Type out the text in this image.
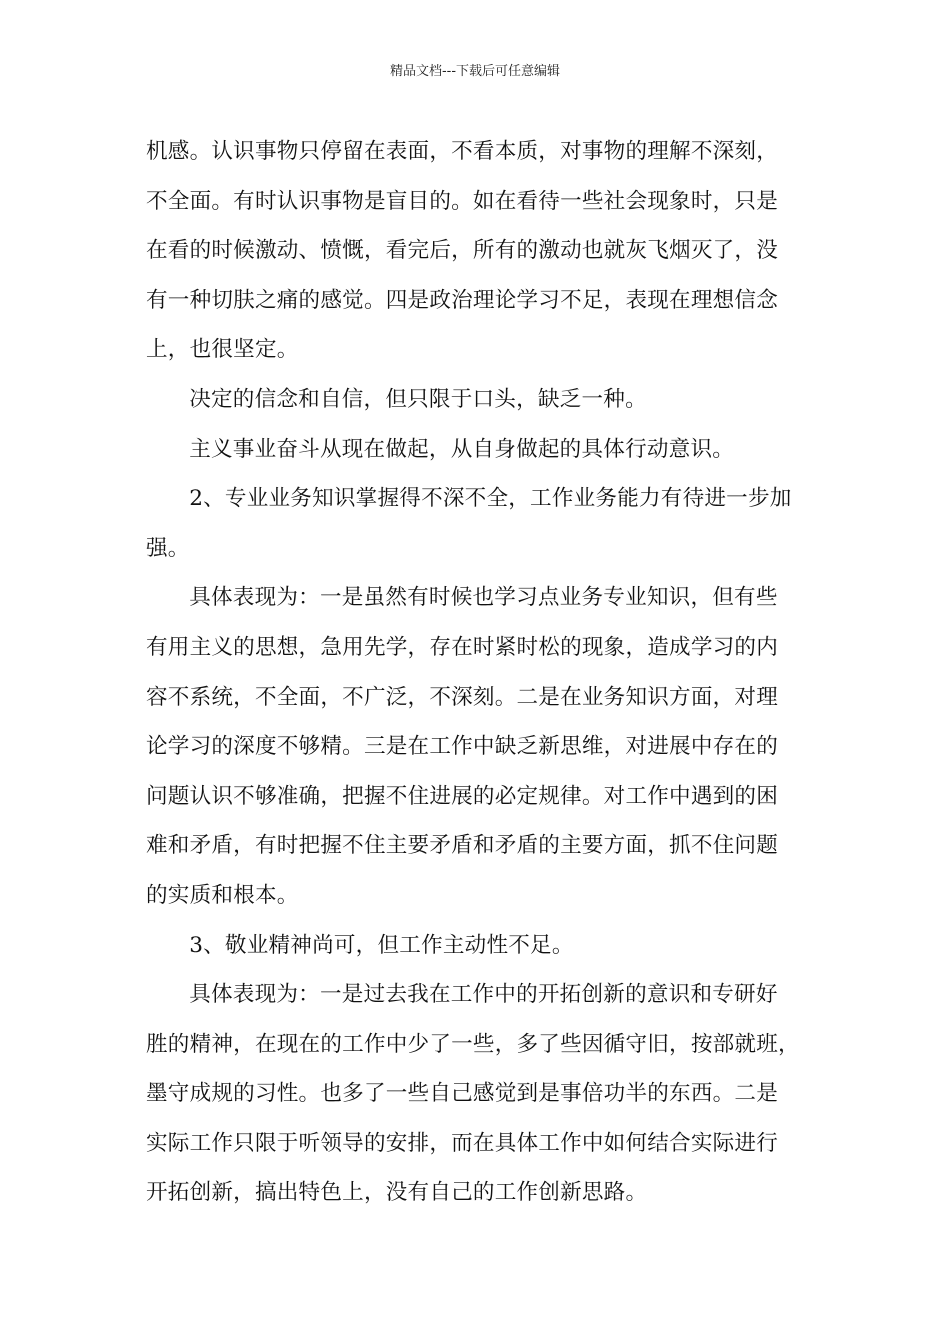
精品文档---下载后可任意编辑
机感。认识事物只停留在表面，不看本质，对事物的理解不深刻，
不全面。有时认识事物是盲目的。如在看待一些社会现象时，只是
在看的时候激动、愤慨，看完后，所有的激动也就灰飞烟灭了，没
有一种切肤之痛的感觉。四是政治理论学习不足，表现在理想信念
上，也很坚定。
决定的信念和自信，但只限于口头，缺乏一种。
主义事业奋斗从现在做起，从自身做起的具体行动意识。
2、专业业务知识掌握得不深不全，工作业务能力有待进一步加
强。
具体表现为：一是虽然有时候也学习点业务专业知识，但有些
有用主义的思想，急用先学，存在时紧时松的现象，造成学习的内
容不系统，不全面，不广泛，不深刻。二是在业务知识方面，对理
论学习的深度不够精。三是在工作中缺乏新思维，对进展中存在的
问题认识不够准确，把握不住进展的必定规律。对工作中遇到的困
难和矛盾，有时把握不住主要矛盾和矛盾的主要方面，抓不住问题
的实质和根本。
3、敬业精神尚可，但工作主动性不足。
具体表现为：一是过去我在工作中的开拓创新的意识和专研好
胜的精神，在现在的工作中少了一些，多了些因循守旧，按部就班，
墨守成规的习性。也多了一些自己感觉到是事倍功半的东西。二是
实际工作只限于听领导的安排，而在具体工作中如何结合实际进行
开拓创新，搞出特色上，没有自己的工作创新思路。
